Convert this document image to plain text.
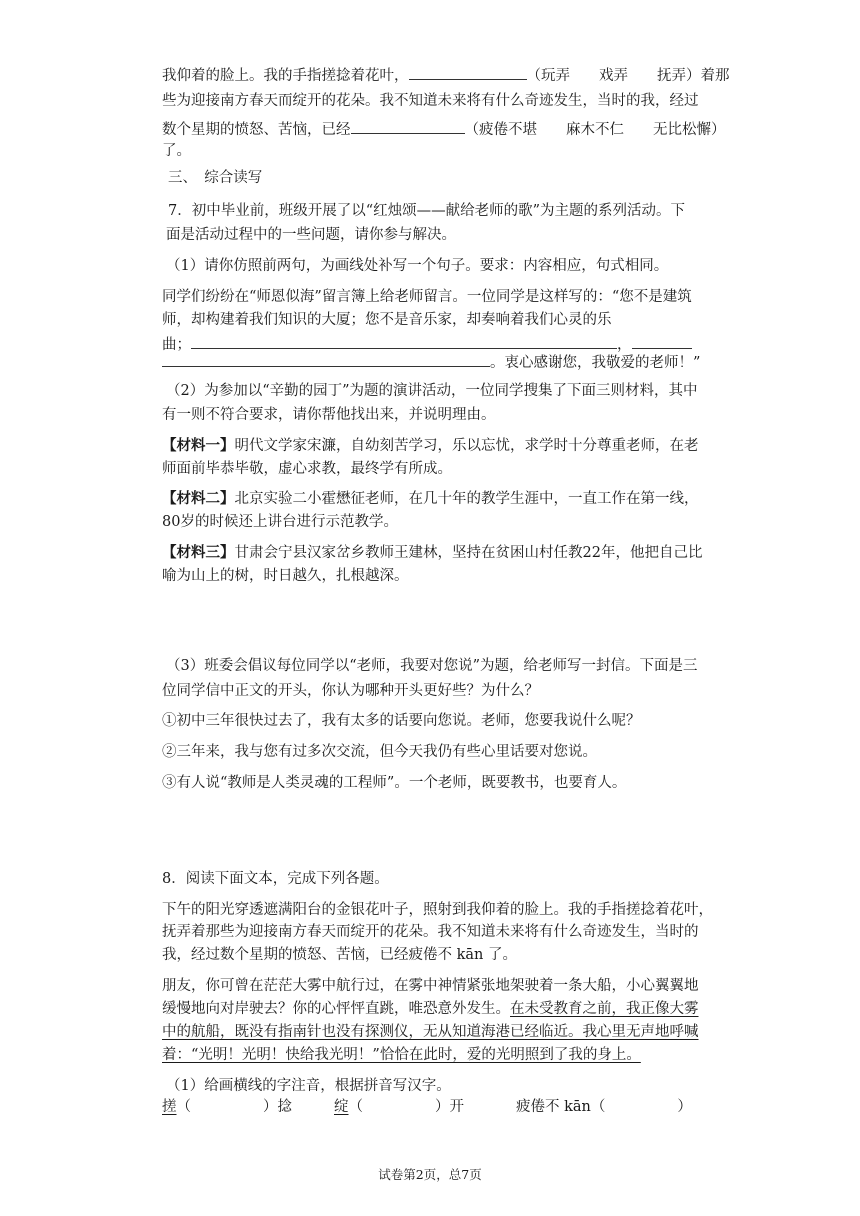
我仰着的脸上。我的手指搓捻着花叶，	（玩弄　　戏弄　　抚弄）着那
些为迎接南方春天而绽开的花朵。我不知道未来将有什么奇迹发生，当时的我，经过
数个星期的愤怒、苦恼，已经	（疲倦不堪　　麻木不仁　　无比松懈）
了。
三、　综合读写
7．初中毕业前，班级开展了以“红烛颂——献给老师的歌”为主题的系列活动。下
面是活动过程中的一些问题，请你参与解决。
（1）请你仿照前两句，为画线处补写一个句子。要求：内容相应，句式相同。
同学们纷纷在“师恩似海”留言簿上给老师留言。一位同学是这样写的：“您不是建筑
师，却构建着我们知识的大厦；您不是音乐家，却奏响着我们心灵的乐
曲；	，
。衷心感谢您，我敬爱的老师！”
（2）为参加以“辛勤的园丁”为题的演讲活动，一位同学搜集了下面三则材料，其中
有一则不符合要求，请你帮他找出来，并说明理由。
【材料一】明代文学家宋濂，自幼刻苦学习，乐以忘忧，求学时十分尊重老师，在老
师面前毕恭毕敬，虚心求教，最终学有所成。
【材料二】北京实验二小霍懋征老师，在几十年的教学生涯中，一直工作在第一线，
80岁的时候还上讲台进行示范教学。
【材料三】甘肃会宁县汉家岔乡教师王建林，坚持在贫困山村任教22年，他把自己比
喻为山上的树，时日越久，扎根越深。
（3）班委会倡议每位同学以“老师，我要对您说”为题，给老师写一封信。下面是三
位同学信中正文的开头，你认为哪种开头更好些？为什么？
①初中三年很快过去了，我有太多的话要向您说。老师，您要我说什么呢？
②三年来，我与您有过多次交流，但今天我仍有些心里话要对您说。
③有人说“教师是人类灵魂的工程师”。一个老师，既要教书，也要育人。
8．阅读下面文本，完成下列各题。
下午的阳光穿透遮满阳台的金银花叶子，照射到我仰着的脸上。我的手指搓捻着花叶，
抚弄着那些为迎接南方春天而绽开的花朵。我不知道未来将有什么奇迹发生，当时的
我，经过数个星期的愤怒、苦恼，已经疲倦不 kān 了。
朋友，你可曾在茫茫大雾中航行过，在雾中神情紧张地架驶着一条大船，小心翼翼地
缓慢地向对岸驶去？你的心怦怦直跳，唯恐意外发生。在未受教育之前，我正像大雾
中的航船，既没有指南针也没有探测仪，无从知道海港已经临近。我心里无声地呼喊
着：“光明！光明！快给我光明！”恰恰在此时，爱的光明照到了我的身上。
（1）给画横线的字注音，根据拼音写汉字。
搓（	）捻	绽（	）开	疲倦不 kān（	）
试卷第2页，总7页
